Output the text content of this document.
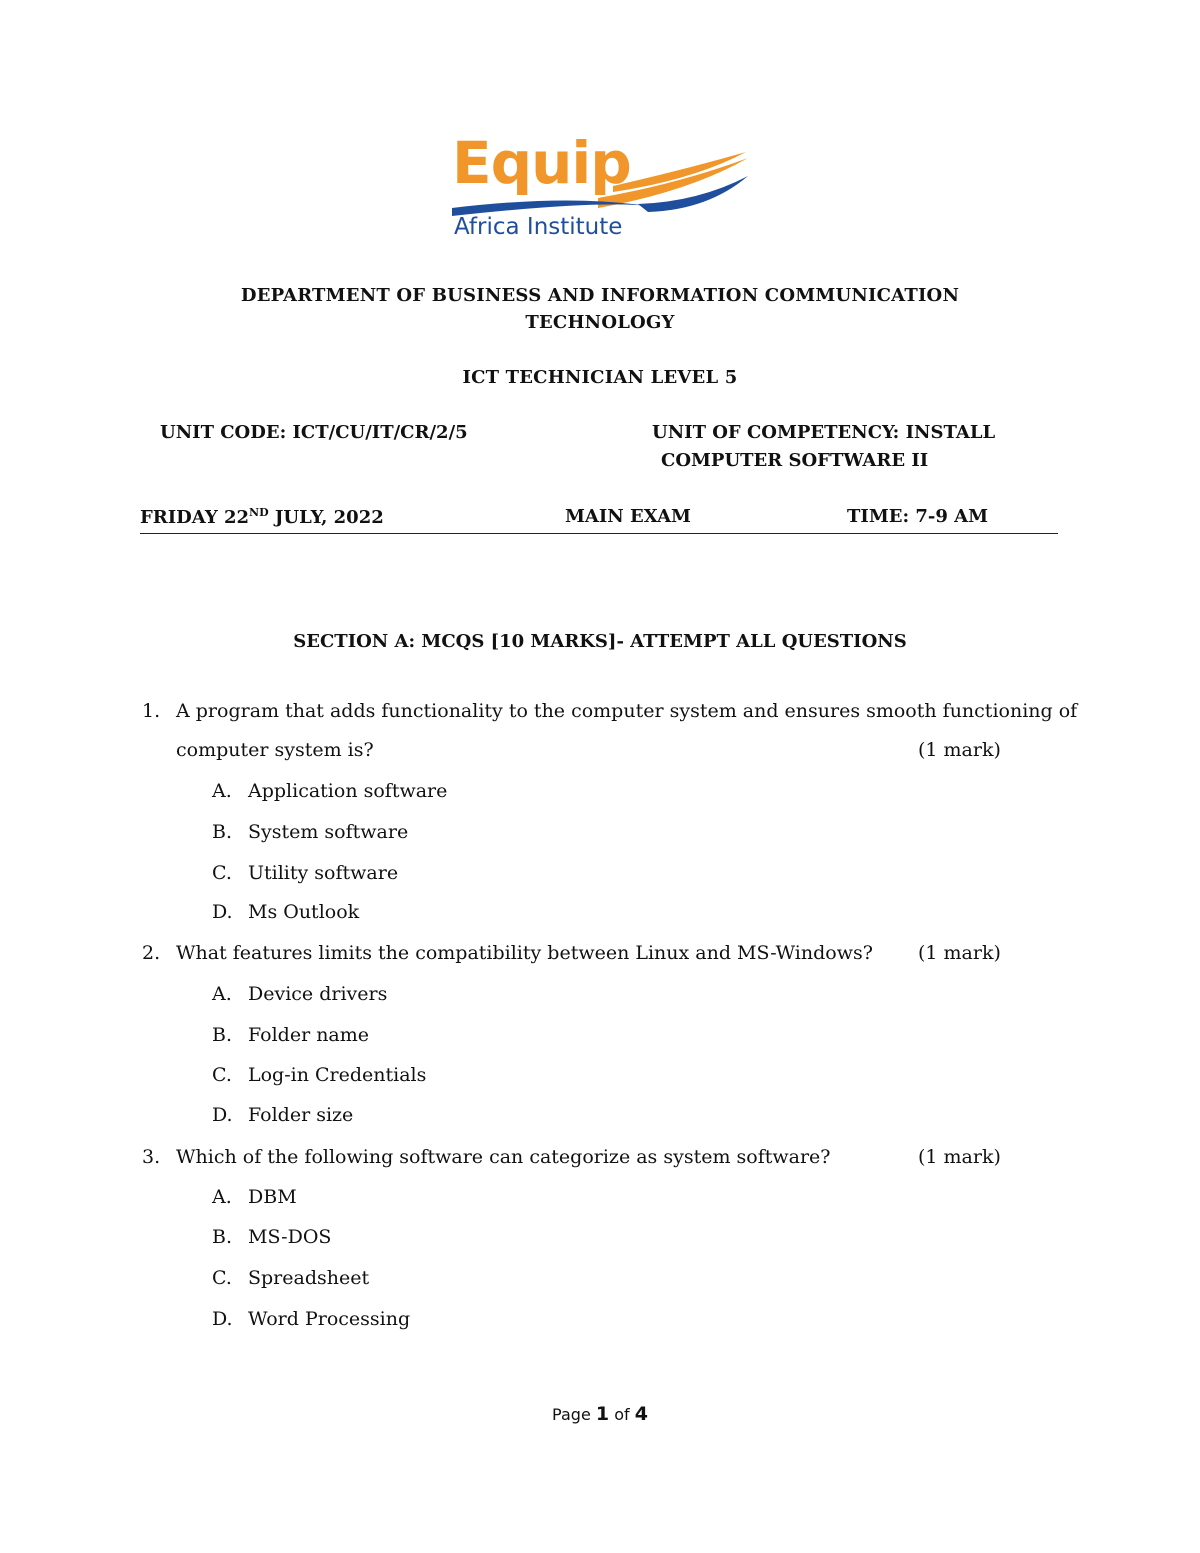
Equip
Africa Institute
DEPARTMENT OF BUSINESS AND INFORMATION COMMUNICATION
TECHNOLOGY
ICT TECHNICIAN LEVEL 5
UNIT CODE: ICT/CU/IT/CR/2/5	UNIT OF COMPETENCY: INSTALL
COMPUTER SOFTWARE II
FRIDAY 22ND JULY, 2022	MAIN EXAM	TIME: 7-9 AM
SECTION A: MCQS [10 MARKS]- ATTEMPT ALL QUESTIONS
1. A program that adds functionality to the computer system and ensures smooth functioning of
computer system is?	(1 mark)
A. Application software
B. System software
C. Utility software
D. Ms Outlook
2. What features limits the compatibility between Linux and MS-Windows? (1 mark)
A. Device drivers
B. Folder name
C. Log-in Credentials
D. Folder size
3. Which of the following software can categorize as system software?	(1 mark)
A. DBM
B. MS-DOS
C. Spreadsheet
D. Word Processing
Page 1 of 4
